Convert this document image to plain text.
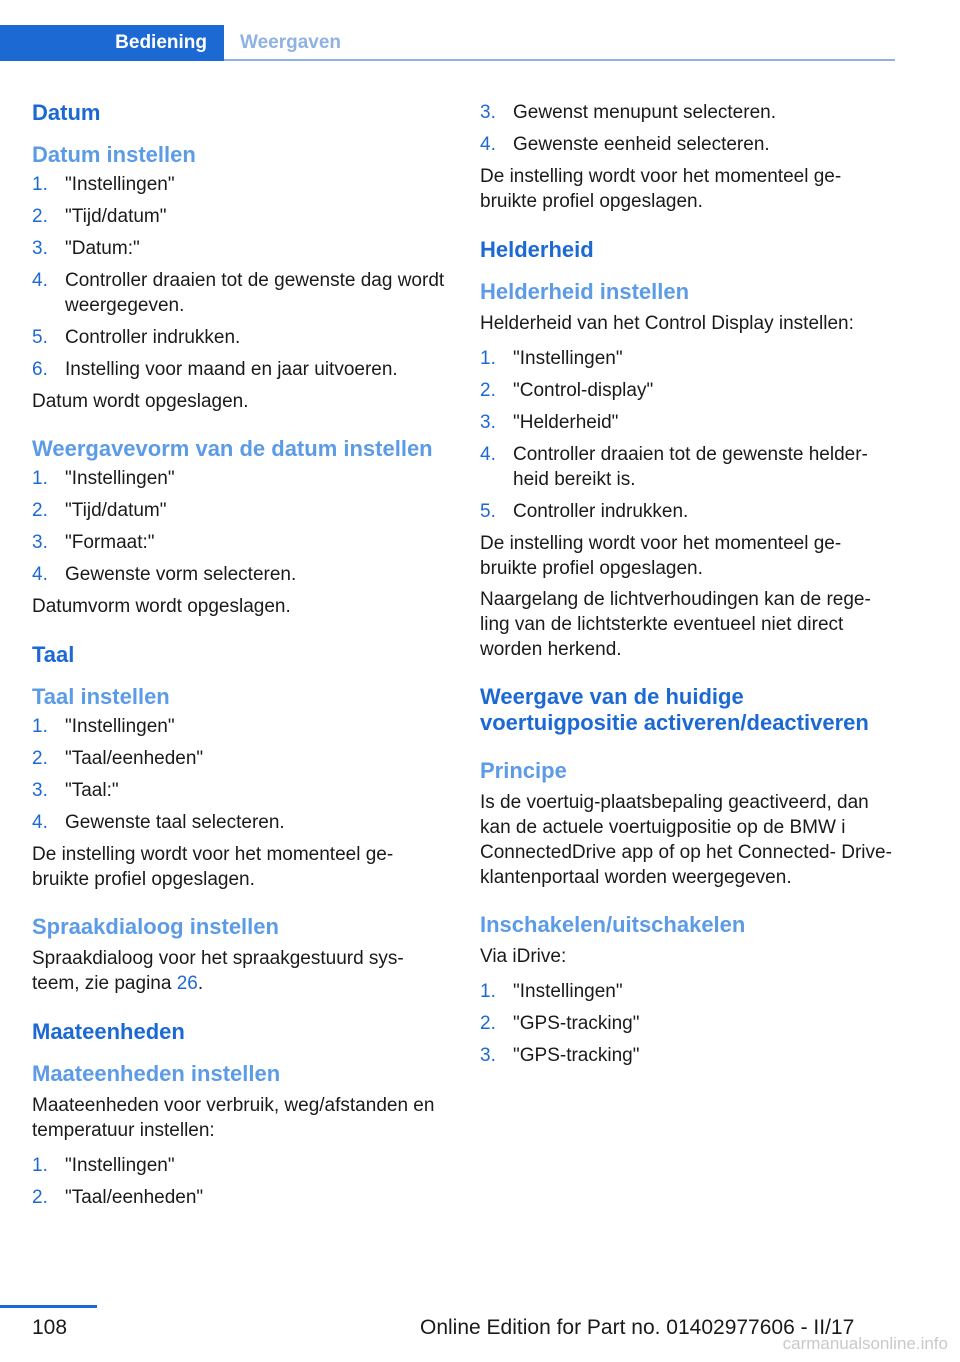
Bediening	Weergaven
Datum
Datum instellen
1. "Instellingen"
2. "Tijd/datum"
3. "Datum:"
4. Controller draaien tot de gewenste dag wordt weergegeven.
5. Controller indrukken.
6. Instelling voor maand en jaar uitvoeren.

Datum wordt opgeslagen.

Weergavevorm van de datum instellen
1. "Instellingen"
2. "Tijd/datum"
3. "Formaat:"
4. Gewenste vorm selecteren.

Datumvorm wordt opgeslagen.

Taal
Taal instellen
1. "Instellingen"
2. "Taal/eenheden"
3. "Taal:"
4. Gewenste taal selecteren.

De instelling wordt voor het momenteel ge- bruikte profiel opgeslagen.

Spraakdialoog instellen

Spraakdialoog voor het spraakgestuurd sys- teem, zie pagina 26.

Maateenheden
Maateenheden instellen

Maateenheden voor verbruik, weg/afstanden en temperatuur instellen:

1. "Instellingen"
2. "Taal/eenheden"
3. Gewenst menupunt selecteren.
4. Gewenste eenheid selecteren.

De instelling wordt voor het momenteel ge- bruikte profiel opgeslagen.

Helderheid
Helderheid instellen

Helderheid van het Control Display instellen:

1. "Instellingen"
2. "Control-display"
3. "Helderheid"
4. Controller draaien tot de gewenste helder- heid bereikt is.
5. Controller indrukken.

De instelling wordt voor het momenteel ge- bruikte profiel opgeslagen.

Naargelang de lichtverhoudingen kan de rege- ling van de lichtsterkte eventueel niet direct worden herkend.

Weergave van de huidige voertuigpositie activeren/deactiveren
Principe

Is de voertuig-plaatsbepaling geactiveerd, dan kan de actuele voertuigpositie op de BMW i ConnectedDrive app of op het Connected- Drive-klantenportaal worden weergegeven.

Inschakelen/uitschakelen

Via iDrive:

1. "Instellingen"
2. "GPS-tracking"
3. "GPS-tracking"
108	Online Edition for Part no. 01402977606 - II/17
carmanualsonline.info
